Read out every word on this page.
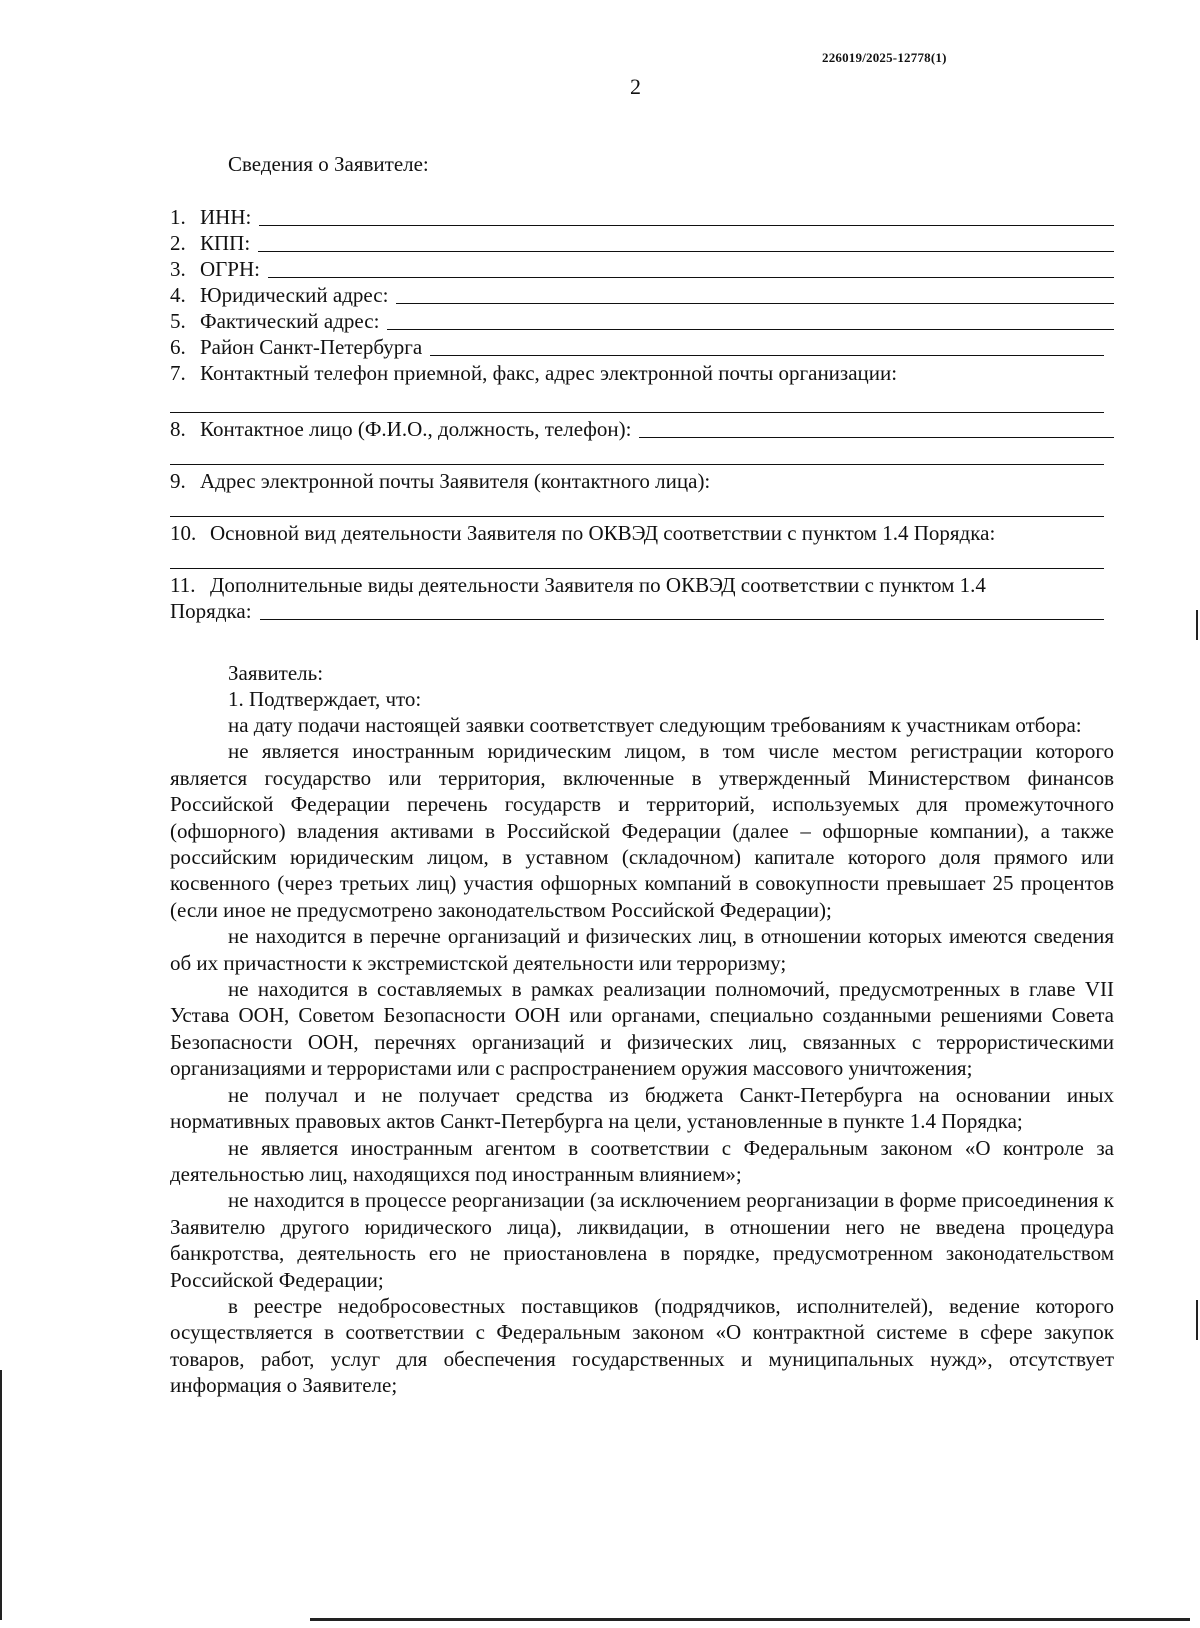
226019/2025-12778(1)
2
Сведения о Заявителе:
1. ИНН:
2. КПП:
3. ОГРН:
4. Юридический адрес:
5. Фактический адрес:
6. Район Санкт-Петербурга
7. Контактный телефон приемной, факс, адрес электронной почты организации:
8. Контактное лицо (Ф.И.О., должность, телефон):
9. Адрес электронной почты Заявителя (контактного лица):
10. Основной вид деятельности Заявителя по ОКВЭД соответствии с пунктом 1.4 Порядка:
11. Дополнительные виды деятельности Заявителя по ОКВЭД соответствии с пунктом 1.4
Порядка:
Заявитель:
1. Подтверждает, что:

на дату подачи настоящей заявки соответствует следующим требованиям к участникам отбора:

не является иностранным юридическим лицом, в том числе местом регистрации которого является государство или территория, включенные в утвержденный Министерством финансов Российской Федерации перечень государств и территорий, используемых для промежуточного (офшорного) владения активами в Российской Федерации (далее – офшорные компании), а также российским юридическим лицом, в уставном (складочном) капитале которого доля прямого или косвенного (через третьих лиц) участия офшорных компаний в совокупности превышает 25 процентов (если иное не предусмотрено законодательством Российской Федерации);

не находится в перечне организаций и физических лиц, в отношении которых имеются сведения об их причастности к экстремистской деятельности или терроризму;

не находится в составляемых в рамках реализации полномочий, предусмотренных в главе VII Устава ООН, Советом Безопасности ООН или органами, специально созданными решениями Совета Безопасности ООН, перечнях организаций и физических лиц, связанных с террористическими организациями и террористами или с распространением оружия массового уничтожения;

не получал и не получает средства из бюджета Санкт-Петербурга на основании иных нормативных правовых актов Санкт-Петербурга на цели, установленные в пункте 1.4 Порядка;

не является иностранным агентом в соответствии с Федеральным законом «О контроле за деятельностью лиц, находящихся под иностранным влиянием»;

не находится в процессе реорганизации (за исключением реорганизации в форме присоединения к Заявителю другого юридического лица), ликвидации, в отношении него не введена процедура банкротства, деятельность его не приостановлена в порядке, предусмотренном законодательством Российской Федерации;

в реестре недобросовестных поставщиков (подрядчиков, исполнителей), ведение которого осуществляется в соответствии с Федеральным законом «О контрактной системе в сфере закупок товаров, работ, услуг для обеспечения государственных и муниципальных нужд», отсутствует информация о Заявителе;
